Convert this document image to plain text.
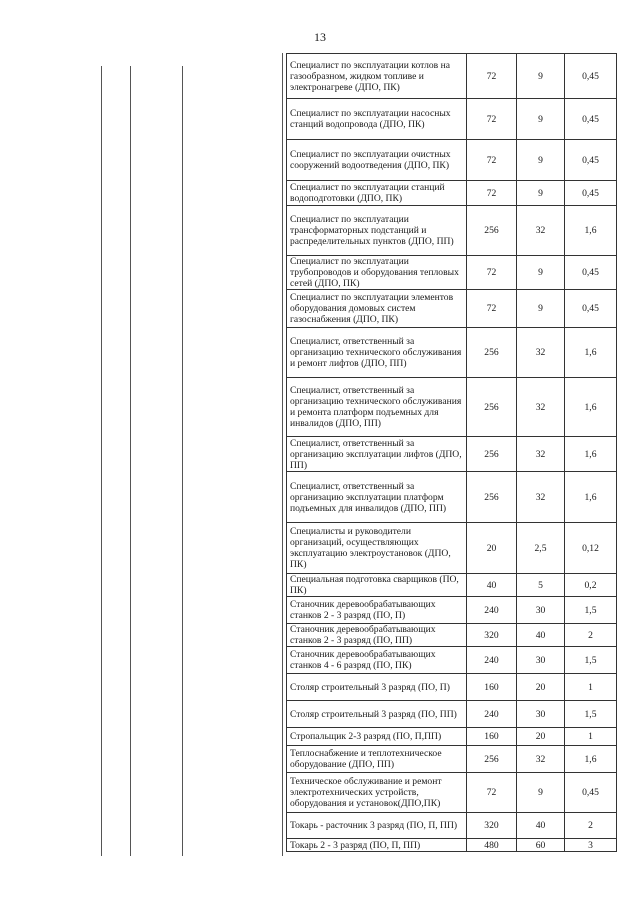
13
Специалист по эксплуатации котлов на газообразном, жидком топливе и электронагреве (ДПО, ПК)	72	9	0,45
Специалист по эксплуатации насосных станций водопровода (ДПО, ПК)	72	9	0,45
Специалист по эксплуатации очистных сооружений водоотведения (ДПО, ПК)	72	9	0,45
Специалист по эксплуатации станций водоподготовки (ДПО, ПК)	72	9	0,45
Специалист по эксплуатации трансформаторных подстанций и распределительных пунктов (ДПО, ПП)	256	32	1,6
Специалист по эксплуатации трубопроводов и оборудования тепловых сетей (ДПО, ПК)	72	9	0,45
Специалист по эксплуатации элементов оборудования домовых систем газоснабжения (ДПО, ПК)	72	9	0,45
Специалист, ответственный за организацию технического обслуживания и ремонт лифтов (ДПО, ПП)	256	32	1,6
Специалист, ответственный за организацию технического обслуживания и ремонта платформ подъемных для инвалидов (ДПО, ПП)	256	32	1,6
Специалист, ответственный за организацию эксплуатации лифтов (ДПО, ПП)	256	32	1,6
Специалист, ответственный за организацию эксплуатации платформ подъемных для инвалидов (ДПО, ПП)	256	32	1,6
Специалисты и руководители организаций, осуществляющих эксплуатацию электроустановок (ДПО, ПК)	20	2,5	0,12
Специальная подготовка сварщиков (ПО, ПК)	40	5	0,2
Станочник деревообрабатывающих станков 2 - 3 разряд (ПО, П)	240	30	1,5
Станочник деревообрабатывающих станков 2 - 3 разряд (ПО, ПП)	320	40	2
Станочник деревообрабатывающих станков 4 - 6 разряд (ПО, ПК)	240	30	1,5
Столяр строительный 3 разряд (ПО, П)	160	20	1
Столяр строительный 3 разряд (ПО, ПП)	240	30	1,5
Стропальщик 2-3 разряд (ПО, П,ПП)	160	20	1
Теплоснабжение и теплотехническое оборудование (ДПО, ПП)	256	32	1,6
Техническое обслуживание и ремонт электротехнических устройств, оборудования и установок(ДПО,ПК)	72	9	0,45
Токарь - расточник 3 разряд (ПО, П, ПП)	320	40	2
Токарь 2 - 3 разряд (ПО, П, ПП)	480	60	3
